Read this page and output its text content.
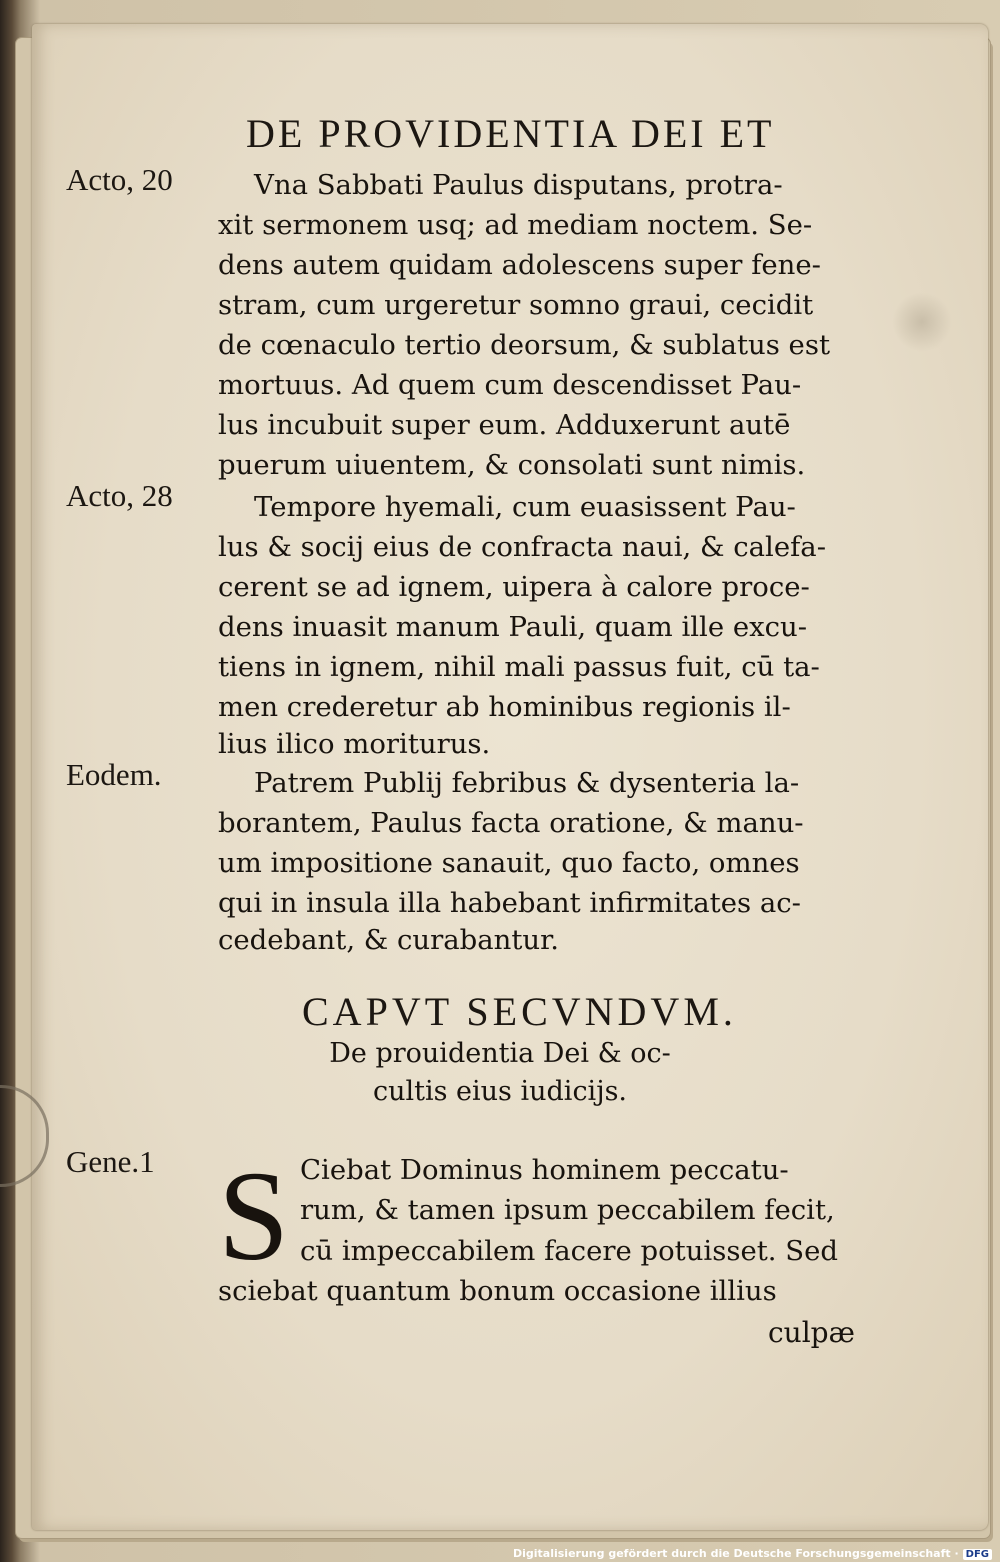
DE PROVIDENTIA DEI ET
Acto, 20
Acto, 28
Eodem.
Gene.1
Vna Sabbati Paulus disputans, protra-
xit sermonem usq; ad mediam noctem. Se-
dens autem quidam adolescens super fene-
stram, cum urgeretur somno graui, cecidit
de cœnaculo tertio deorsum, & sublatus est
mortuus. Ad quem cum descendisset Pau-
lus incubuit super eum. Adduxerunt autē
puerum uiuentem, & consolati sunt nimis.
Tempore hyemali, cum euasissent Pau-
lus & socij eius de confracta naui, & calefa-
cerent se ad ignem, uipera à calore proce-
dens inuasit manum Pauli, quam ille excu-
tiens in ignem, nihil mali passus fuit, cū ta-
men crederetur ab hominibus regionis il-
lius ilico moriturus.
Patrem Publij febribus & dysenteria la-
borantem, Paulus facta oratione, & manu-
um impositione sanauit, quo facto, omnes
qui in insula illa habebant infirmitates ac-
cedebant, & curabantur.
CAPVT SECVNDVM.
De prouidentia Dei & oc-
cultis eius iudicijs.
S Ciebat Dominus hominem peccatu-
rum, & tamen ipsum peccabilem fecit,
cū impeccabilem facere potuisset. Sed
sciebat quantum bonum occasione illius
culpæ
Digitalisierung gefördert durch die Deutsche Forschungsgemeinschaft · DFG
